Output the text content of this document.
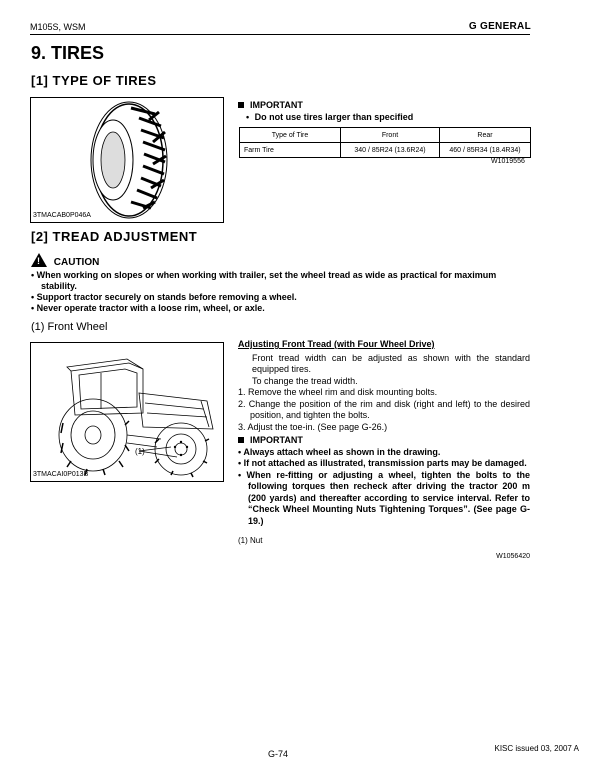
M105S, WSM	G GENERAL
9. TIRES
[1] TYPE OF TIRES
3TMACAB0P046A
IMPORTANT
• Do not use tires larger than specified
Type of Tire	Front	Rear
Farm Tire	340 / 85R24 (13.6R24)	460 / 85R34 (18.4R34)
W1019556
[2] TREAD ADJUSTMENT
! CAUTION
• When working on slopes or when working with trailer, set the wheel tread as wide as practical for maximum stability.
• Support tractor securely on stands before removing a wheel.
• Never operate tractor with a loose rim, wheel, or axle.
(1) Front Wheel
(1)
3TMACAI0P013B
Adjusting Front Tread (with Four Wheel Drive)
Front tread width can be adjusted as shown with the standard equipped tires.
To change the tread width.
1. Remove the wheel rim and disk mounting bolts.
2. Change the position of the rim and disk (right and left) to the desired position, and tighten the bolts.
3. Adjust the toe-in. (See page G-26.)
IMPORTANT
• Always attach wheel as shown in the drawing.
• If not attached as illustrated, transmission parts may be damaged.
• When re-fitting or adjusting a wheel, tighten the bolts to the following torques then recheck after driving the tractor 200 m (200 yards) and thereafter according to service interval. Refer to “Check Wheel Mounting Nuts Tightening Torques”. (See page G-19.)
(1) Nut
W1056420
G-74
KISC issued 03, 2007 A
